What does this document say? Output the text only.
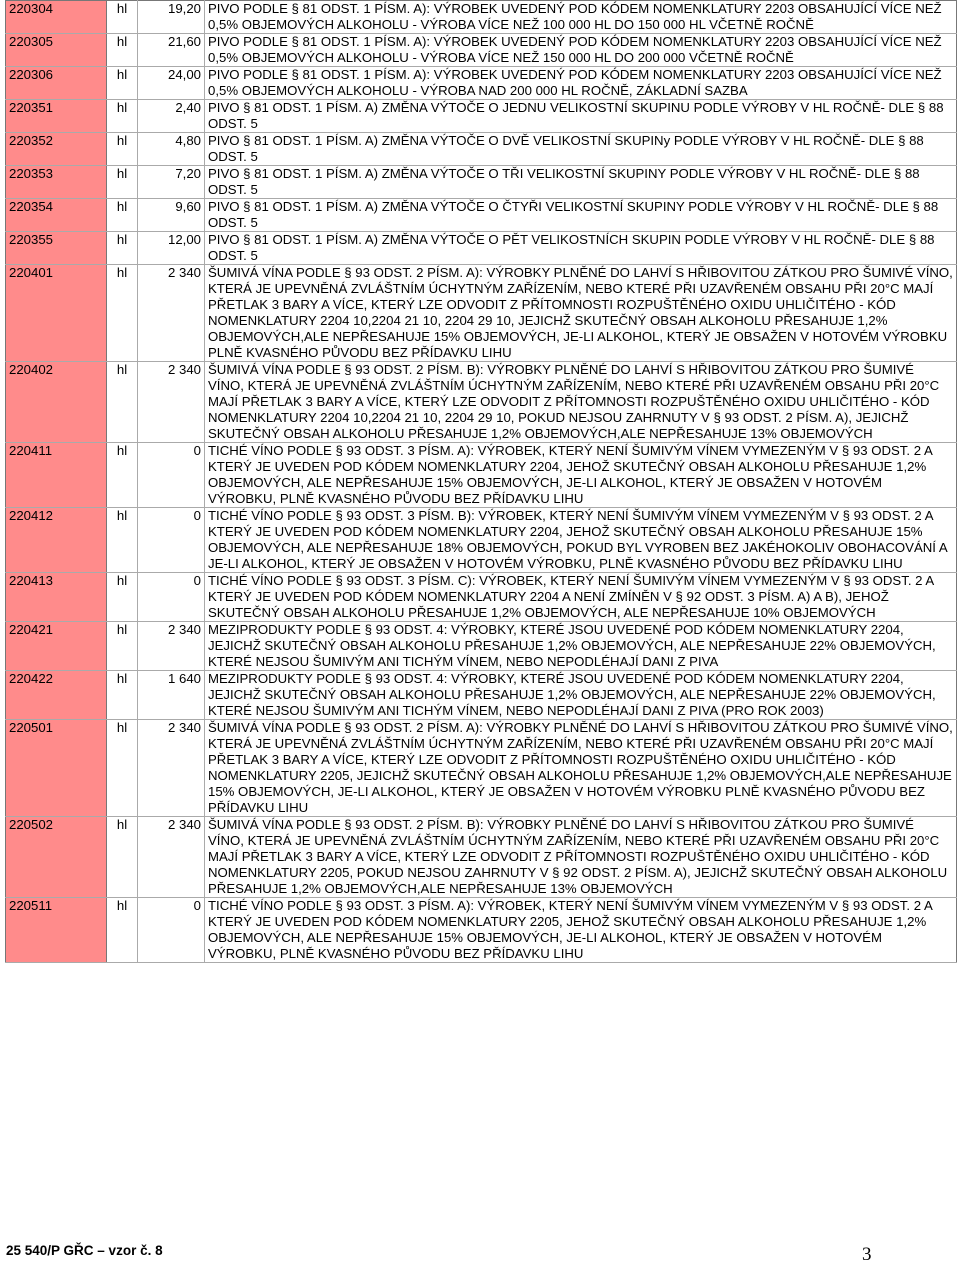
220304	hl	19,20	PIVO PODLE § 81 ODST. 1 PÍSM. A): VÝROBEK UVEDENÝ POD KÓDEM NOMENKLATURY 2203 OBSAHUJÍCÍ VÍCE NEŽ 0,5% OBJEMOVÝCH ALKOHOLU - VÝROBA VÍCE NEŽ 100 000 HL DO 150 000 HL VČETNĚ ROČNĚ
220305	hl	21,60	PIVO PODLE § 81 ODST. 1 PÍSM. A): VÝROBEK UVEDENÝ POD KÓDEM NOMENKLATURY 2203 OBSAHUJÍCÍ VÍCE NEŽ 0,5% OBJEMOVÝCH ALKOHOLU - VÝROBA VÍCE NEŽ 150 000 HL DO 200 000 VČETNĚ ROČNĚ
220306	hl	24,00	PIVO PODLE § 81 ODST. 1 PÍSM. A): VÝROBEK UVEDENÝ POD KÓDEM NOMENKLATURY 2203 OBSAHUJÍCÍ VÍCE NEŽ 0,5% OBJEMOVÝCH ALKOHOLU - VÝROBA NAD 200 000 HL ROČNĚ, ZÁKLADNÍ SAZBA
220351	hl	2,40	PIVO § 81 ODST. 1 PÍSM. A) ZMĚNA VÝTOČE O JEDNU VELIKOSTNÍ SKUPINU PODLE VÝROBY V HL ROČNĚ- DLE § 88 ODST. 5
220352	hl	4,80	PIVO § 81 ODST. 1 PÍSM. A) ZMĚNA VÝTOČE O DVĚ VELIKOSTNÍ SKUPINy PODLE VÝROBY V HL ROČNĚ- DLE § 88 ODST. 5
220353	hl	7,20	PIVO § 81 ODST. 1 PÍSM. A) ZMĚNA VÝTOČE O TŘI VELIKOSTNÍ SKUPINY PODLE VÝROBY V HL ROČNĚ- DLE § 88 ODST. 5
220354	hl	9,60	PIVO § 81 ODST. 1 PÍSM. A) ZMĚNA VÝTOČE O ČTYŘI VELIKOSTNÍ SKUPINY PODLE VÝROBY V HL ROČNĚ- DLE § 88 ODST. 5
220355	hl	12,00	PIVO § 81 ODST. 1 PÍSM. A) ZMĚNA VÝTOČE O PĚT VELIKOSTNÍCH SKUPIN PODLE VÝROBY V HL ROČNĚ- DLE § 88 ODST. 5
220401	hl	2 340	ŠUMIVÁ VÍNA PODLE § 93 ODST. 2 PÍSM. A): VÝROBKY PLNĚNÉ DO LAHVÍ S HŘIBOVITOU ZÁTKOU PRO ŠUMIVÉ VÍNO, KTERÁ JE UPEVNĚNÁ ZVLÁŠTNÍM ÚCHYTNÝM ZAŘÍZENÍM, NEBO KTERÉ PŘI UZAVŘENÉM OBSAHU PŘI 20°C MAJÍ PŘETLAK 3 BARY A VÍCE, KTERÝ LZE ODVODIT Z PŘÍTOMNOSTI ROZPUŠTĚNÉHO OXIDU UHLIČITÉHO - KÓD NOMENKLATURY 2204 10,2204 21 10, 2204 29 10, JEJICHŽ SKUTEČNÝ OBSAH ALKOHOLU PŘESAHUJE 1,2% OBJEMOVÝCH,ALE NEPŘESAHUJE 15% OBJEMOVÝCH, JE-LI ALKOHOL, KTERÝ JE OBSAŽEN V HOTOVÉM VÝROBKU PLNĚ KVASNÉHO PŮVODU BEZ PŘÍDAVKU LIHU
220402	hl	2 340	ŠUMIVÁ VÍNA PODLE § 93 ODST. 2 PÍSM. B): VÝROBKY PLNĚNÉ DO LAHVÍ S HŘIBOVITOU ZÁTKOU PRO ŠUMIVÉ VÍNO, KTERÁ JE UPEVNĚNÁ ZVLÁŠTNÍM ÚCHYTNÝM ZAŘÍZENÍM, NEBO KTERÉ PŘI UZAVŘENÉM OBSAHU PŘI 20°C MAJÍ PŘETLAK 3 BARY A VÍCE, KTERÝ LZE ODVODIT Z PŘÍTOMNOSTI ROZPUŠTĚNÉHO OXIDU UHLIČITÉHO - KÓD NOMENKLATURY 2204 10,2204 21 10, 2204 29 10, POKUD NEJSOU ZAHRNUTY V § 93 ODST. 2 PÍSM. A), JEJICHŽ SKUTEČNÝ OBSAH ALKOHOLU PŘESAHUJE 1,2% OBJEMOVÝCH,ALE NEPŘESAHUJE 13% OBJEMOVÝCH
220411	hl	0	TICHÉ VÍNO PODLE § 93 ODST. 3 PÍSM. A): VÝROBEK, KTERÝ NENÍ ŠUMIVÝM VÍNEM VYMEZENÝM V § 93 ODST. 2 A KTERÝ JE UVEDEN POD KÓDEM NOMENKLATURY 2204, JEHOŽ SKUTEČNÝ OBSAH ALKOHOLU PŘESAHUJE 1,2% OBJEMOVÝCH, ALE NEPŘESAHUJE 15% OBJEMOVÝCH, JE-LI ALKOHOL, KTERÝ JE OBSAŽEN V HOTOVÉM VÝROBKU, PLNĚ KVASNÉHO PŮVODU BEZ PŘÍDAVKU LIHU
220412	hl	0	TICHÉ VÍNO PODLE § 93 ODST. 3 PÍSM. B): VÝROBEK, KTERÝ NENÍ ŠUMIVÝM VÍNEM VYMEZENÝM V § 93 ODST. 2 A KTERÝ JE UVEDEN POD KÓDEM NOMENKLATURY 2204, JEHOŽ SKUTEČNÝ OBSAH ALKOHOLU PŘESAHUJE 15% OBJEMOVÝCH, ALE NEPŘESAHUJE 18% OBJEMOVÝCH, POKUD BYL VYROBEN BEZ JAKÉHOKOLIV OBOHACOVÁNÍ A JE-LI ALKOHOL, KTERÝ JE OBSAŽEN V HOTOVÉM VÝROBKU, PLNĚ KVASNÉHO PŮVODU BEZ PŘÍDAVKU LIHU
220413	hl	0	TICHÉ VÍNO PODLE § 93 ODST. 3 PÍSM. C): VÝROBEK, KTERÝ NENÍ ŠUMIVÝM VÍNEM VYMEZENÝM V § 93 ODST. 2 A KTERÝ JE UVEDEN POD KÓDEM NOMENKLATURY 2204 A NENÍ ZMÍNĚN V § 92 ODST. 3 PÍSM. A) A B), JEHOŽ SKUTEČNÝ OBSAH ALKOHOLU PŘESAHUJE 1,2% OBJEMOVÝCH, ALE NEPŘESAHUJE 10% OBJEMOVÝCH
220421	hl	2 340	MEZIPRODUKTY PODLE § 93 ODST. 4: VÝROBKY, KTERÉ JSOU UVEDENÉ POD KÓDEM NOMENKLATURY 2204, JEJICHŽ SKUTEČNÝ OBSAH ALKOHOLU PŘESAHUJE 1,2% OBJEMOVÝCH, ALE NEPŘESAHUJE 22% OBJEMOVÝCH, KTERÉ NEJSOU ŠUMIVÝM ANI TICHÝM VÍNEM, NEBO NEPODLÉHAJÍ DANI Z PIVA
220422	hl	1 640	MEZIPRODUKTY PODLE § 93 ODST. 4: VÝROBKY, KTERÉ JSOU UVEDENÉ POD KÓDEM NOMENKLATURY 2204, JEJICHŽ SKUTEČNÝ OBSAH ALKOHOLU PŘESAHUJE 1,2% OBJEMOVÝCH, ALE NEPŘESAHUJE 22% OBJEMOVÝCH, KTERÉ NEJSOU ŠUMIVÝM ANI TICHÝM VÍNEM, NEBO NEPODLÉHAJÍ DANI Z PIVA (PRO ROK 2003)
220501	hl	2 340	ŠUMIVÁ VÍNA PODLE § 93 ODST. 2 PÍSM. A): VÝROBKY PLNĚNÉ DO LAHVÍ S HŘIBOVITOU ZÁTKOU PRO ŠUMIVÉ VÍNO, KTERÁ JE UPEVNĚNÁ ZVLÁŠTNÍM ÚCHYTNÝM ZAŘÍZENÍM, NEBO KTERÉ PŘI UZAVŘENÉM OBSAHU PŘI 20°C MAJÍ PŘETLAK 3 BARY A VÍCE, KTERÝ LZE ODVODIT Z PŘÍTOMNOSTI ROZPUŠTĚNÉHO OXIDU UHLIČITÉHO - KÓD NOMENKLATURY 2205, JEJICHŽ SKUTEČNÝ OBSAH ALKOHOLU PŘESAHUJE 1,2% OBJEMOVÝCH,ALE NEPŘESAHUJE 15% OBJEMOVÝCH, JE-LI ALKOHOL, KTERÝ JE OBSAŽEN V HOTOVÉM VÝROBKU PLNĚ KVASNÉHO PŮVODU BEZ PŘÍDAVKU LIHU
220502	hl	2 340	ŠUMIVÁ VÍNA PODLE § 93 ODST. 2 PÍSM. B): VÝROBKY PLNĚNÉ DO LAHVÍ S HŘIBOVITOU ZÁTKOU PRO ŠUMIVÉ VÍNO, KTERÁ JE UPEVNĚNÁ ZVLÁŠTNÍM ÚCHYTNÝM ZAŘÍZENÍM, NEBO KTERÉ PŘI UZAVŘENÉM OBSAHU PŘI 20°C MAJÍ PŘETLAK 3 BARY A VÍCE, KTERÝ LZE ODVODIT Z PŘÍTOMNOSTI ROZPUŠTĚNÉHO OXIDU UHLIČITÉHO - KÓD NOMENKLATURY 2205, POKUD NEJSOU ZAHRNUTY V § 92 ODST. 2 PÍSM. A), JEJICHŽ SKUTEČNÝ OBSAH ALKOHOLU PŘESAHUJE 1,2% OBJEMOVÝCH,ALE NEPŘESAHUJE 13% OBJEMOVÝCH
220511	hl	0	TICHÉ VÍNO PODLE § 93 ODST. 3 PÍSM. A): VÝROBEK, KTERÝ NENÍ ŠUMIVÝM VÍNEM VYMEZENÝM V § 93 ODST. 2 A KTERÝ JE UVEDEN POD KÓDEM NOMENKLATURY 2205, JEHOŽ SKUTEČNÝ OBSAH ALKOHOLU PŘESAHUJE 1,2% OBJEMOVÝCH, ALE NEPŘESAHUJE 15% OBJEMOVÝCH, JE-LI ALKOHOL, KTERÝ JE OBSAŽEN V HOTOVÉM VÝROBKU, PLNĚ KVASNÉHO PŮVODU BEZ PŘÍDAVKU LIHU
25 540/P GŘC – vzor č. 8	3
